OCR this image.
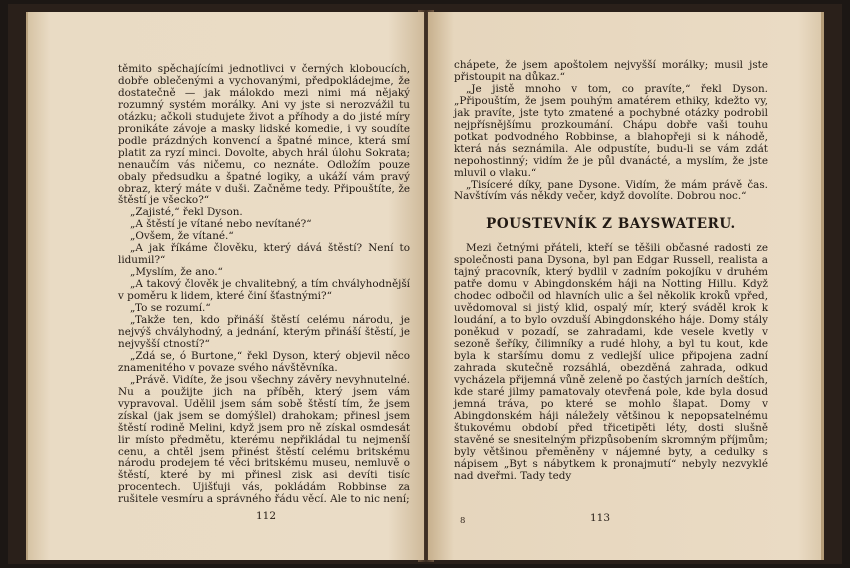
těmito spěchajícími jednotlivci v černých kloboucích, dobře oblečenými a vychovanými, předpokládejme, že dostatečně — jak málokdo mezi nimi má nějaký rozumný systém morálky. Ani vy jste si nerozvážil tu otázku; ačkoli studujete život a příhody a do jisté míry pronikáte závoje a masky lidské komedie, i vy soudíte podle prázdných konvencí a špatné mince, která smí platit za ryzí minci. Dovolte, abych hrál úlohu Sokrata; nenaučím vás ničemu, co neznáte. Odložím pouze obaly předsudku a špatné logiky, a ukáží vám pravý obraz, který máte v duši. Začněme tedy. Připouštíte, že štěstí je všecko?“

„Zajisté,“ řekl Dyson.

„A štěstí je vítané nebo nevítané?“

„Ovšem, že vítané.“

„A jak říkáme člověku, který dává štěstí? Není to lidumil?“

„Myslím, že ano.“

„A takový člověk je chvalitebný, a tím chvályhodnější v poměru k lidem, které činí šťastnými?“

„To se rozumí.“

„Takže ten, kdo přináší štěstí celému národu, je nejvýš chvályhodný, a jednání, kterým přináší štěstí, je nejvyšší ctností?“

„Zdá se, ó Burtone,“ řekl Dyson, který objevil něco znamenitého v povaze svého návštěvníka.

„Právě. Vidíte, že jsou všechny závěry nevyhnutelné. Nu a použijte jich na příběh, který jsem vám vypravoval. Udělil jsem sám sobě štěstí tím, že jsem získal (jak jsem se domýšlel) drahokam; přinesl jsem štěstí rodině Melini, když jsem pro ně získal osmdesát lir místo předmětu, kterému nepřikládal tu nejmenší cenu, a chtěl jsem přinést štěstí celému britskému národu prodejem té věci britskému museu, nemluvě o štěstí, které by mi přinesl zisk asi devíti tisíc procentech. Ujišťuji vás, pokládám Robbinse za rušitele vesmíru a správného řádu věcí. Ale to nic není;

112

chápete, že jsem apoštolem nejvyšší morálky; musil jste přistoupit na důkaz.“

„Je jistě mnoho v tom, co pravíte,“ řekl Dyson. „Připouštím, že jsem pouhým amatérem ethiky, kdežto vy, jak pravíte, jste tyto zmatené a pochybné otázky podrobil nejpřísnějšímu prozkoumání. Chápu dobře vaši touhu potkat podvodného Robbinse, a blahopřeji si k náhodě, která nás seznámila. Ale odpustíte, budu-li se vám zdát nepohostinný; vidím že je půl dvanácté, a myslím, že jste mluvil o vlaku.“

„Tisíceré díky, pane Dysone. Vidím, že mám právě čas. Navštívím vás někdy večer, když dovolíte. Dobrou noc.“

POUSTEVNÍK Z BAYSWATERU.

Mezi četnými přáteli, kteří se těšili občasné radosti ze společnosti pana Dysona, byl pan Edgar Russell, realista a tajný pracovník, který bydlil v zadním pokojíku v druhém patře domu v Abingdonském háji na Notting Hillu. Když chodec odbočil od hlavních ulic a šel několik kroků vpřed, uvědomoval si jistý klid, ospalý mír, který sváděl krok k loudání, a to bylo ovzduší Abingdonského háje. Domy stály poněkud v pozadí, se zahradami, kde vesele kvetly v sezoně šeříky, čilimníky a rudé hlohy, a byl tu kout, kde byla k staršímu domu z vedlejší ulice připojena zadní zahrada skutečně rozsáhlá, obezděná zahrada, odkud vycházela přijemná vůně zeleně po častých jarních deštích, kde staré jilmy pamatovaly otevřená pole, kde byla dosud jemná tráva, po které se mohlo šlapat. Domy v Abingdonském háji náležely většinou k nepopsatelnému štukovému období před třicetipěti léty, dosti slušně stavěné se snesitelným přizpůsobením skromným příjmům; byly většinou přeměněny v nájemné byty, a cedulky s nápisem „Byt s nábytkem k pronajmutí“ nebyly nezvyklé nad dveřmi. Tady tedy

8	113
